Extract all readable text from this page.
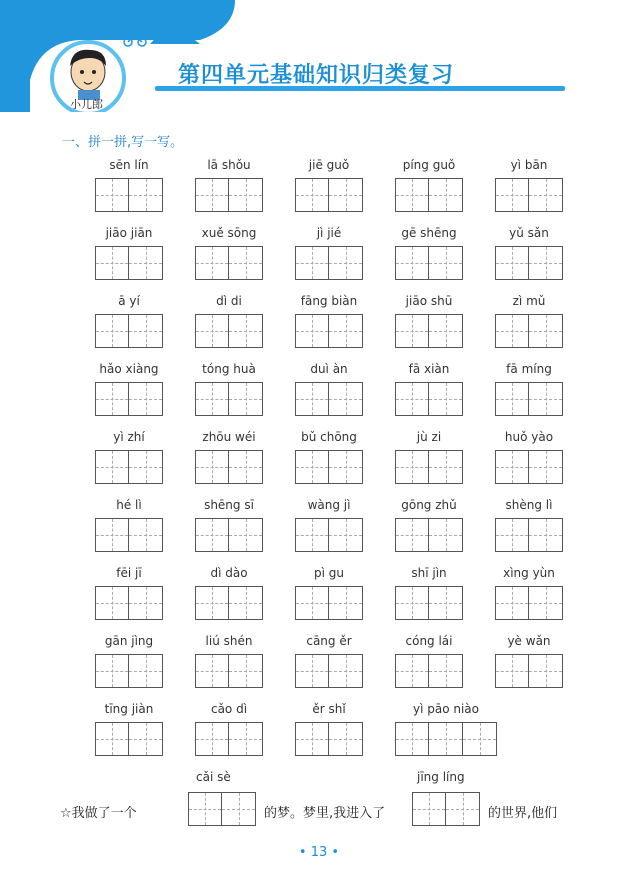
✦
第四单元基础知识归类复习
小儿郎
一、拼一拼,写一写。
sēn lín	lā shǒu	jiē guǒ	píng guǒ	yì bān
jiāo jiān	xuě sōng	jì jié	gē shēng	yǔ sǎn
ā yí	dì di	fāng biàn	jiāo shū	zì mǔ
hǎo xiàng	tóng huà	duì àn	fā xiàn	fā míng
yì zhí	zhōu wéi	bǔ chōng	jù zi	huǒ yào
hé lì	shēng sī	wàng jì	gōng zhǔ	shèng lì
fēi jī	dì dào	pì gu	shī jìn	xìng yùn
gān jìng	liú shén	cāng ěr	cóng lái	yè wǎn
tīng jiàn	cǎo dì	ěr shǐ	yì pāo niào
cǎi sè	jīng líng
☆我做了一个	的梦。梦里,我进入了	的世界,他们
• 13 •
